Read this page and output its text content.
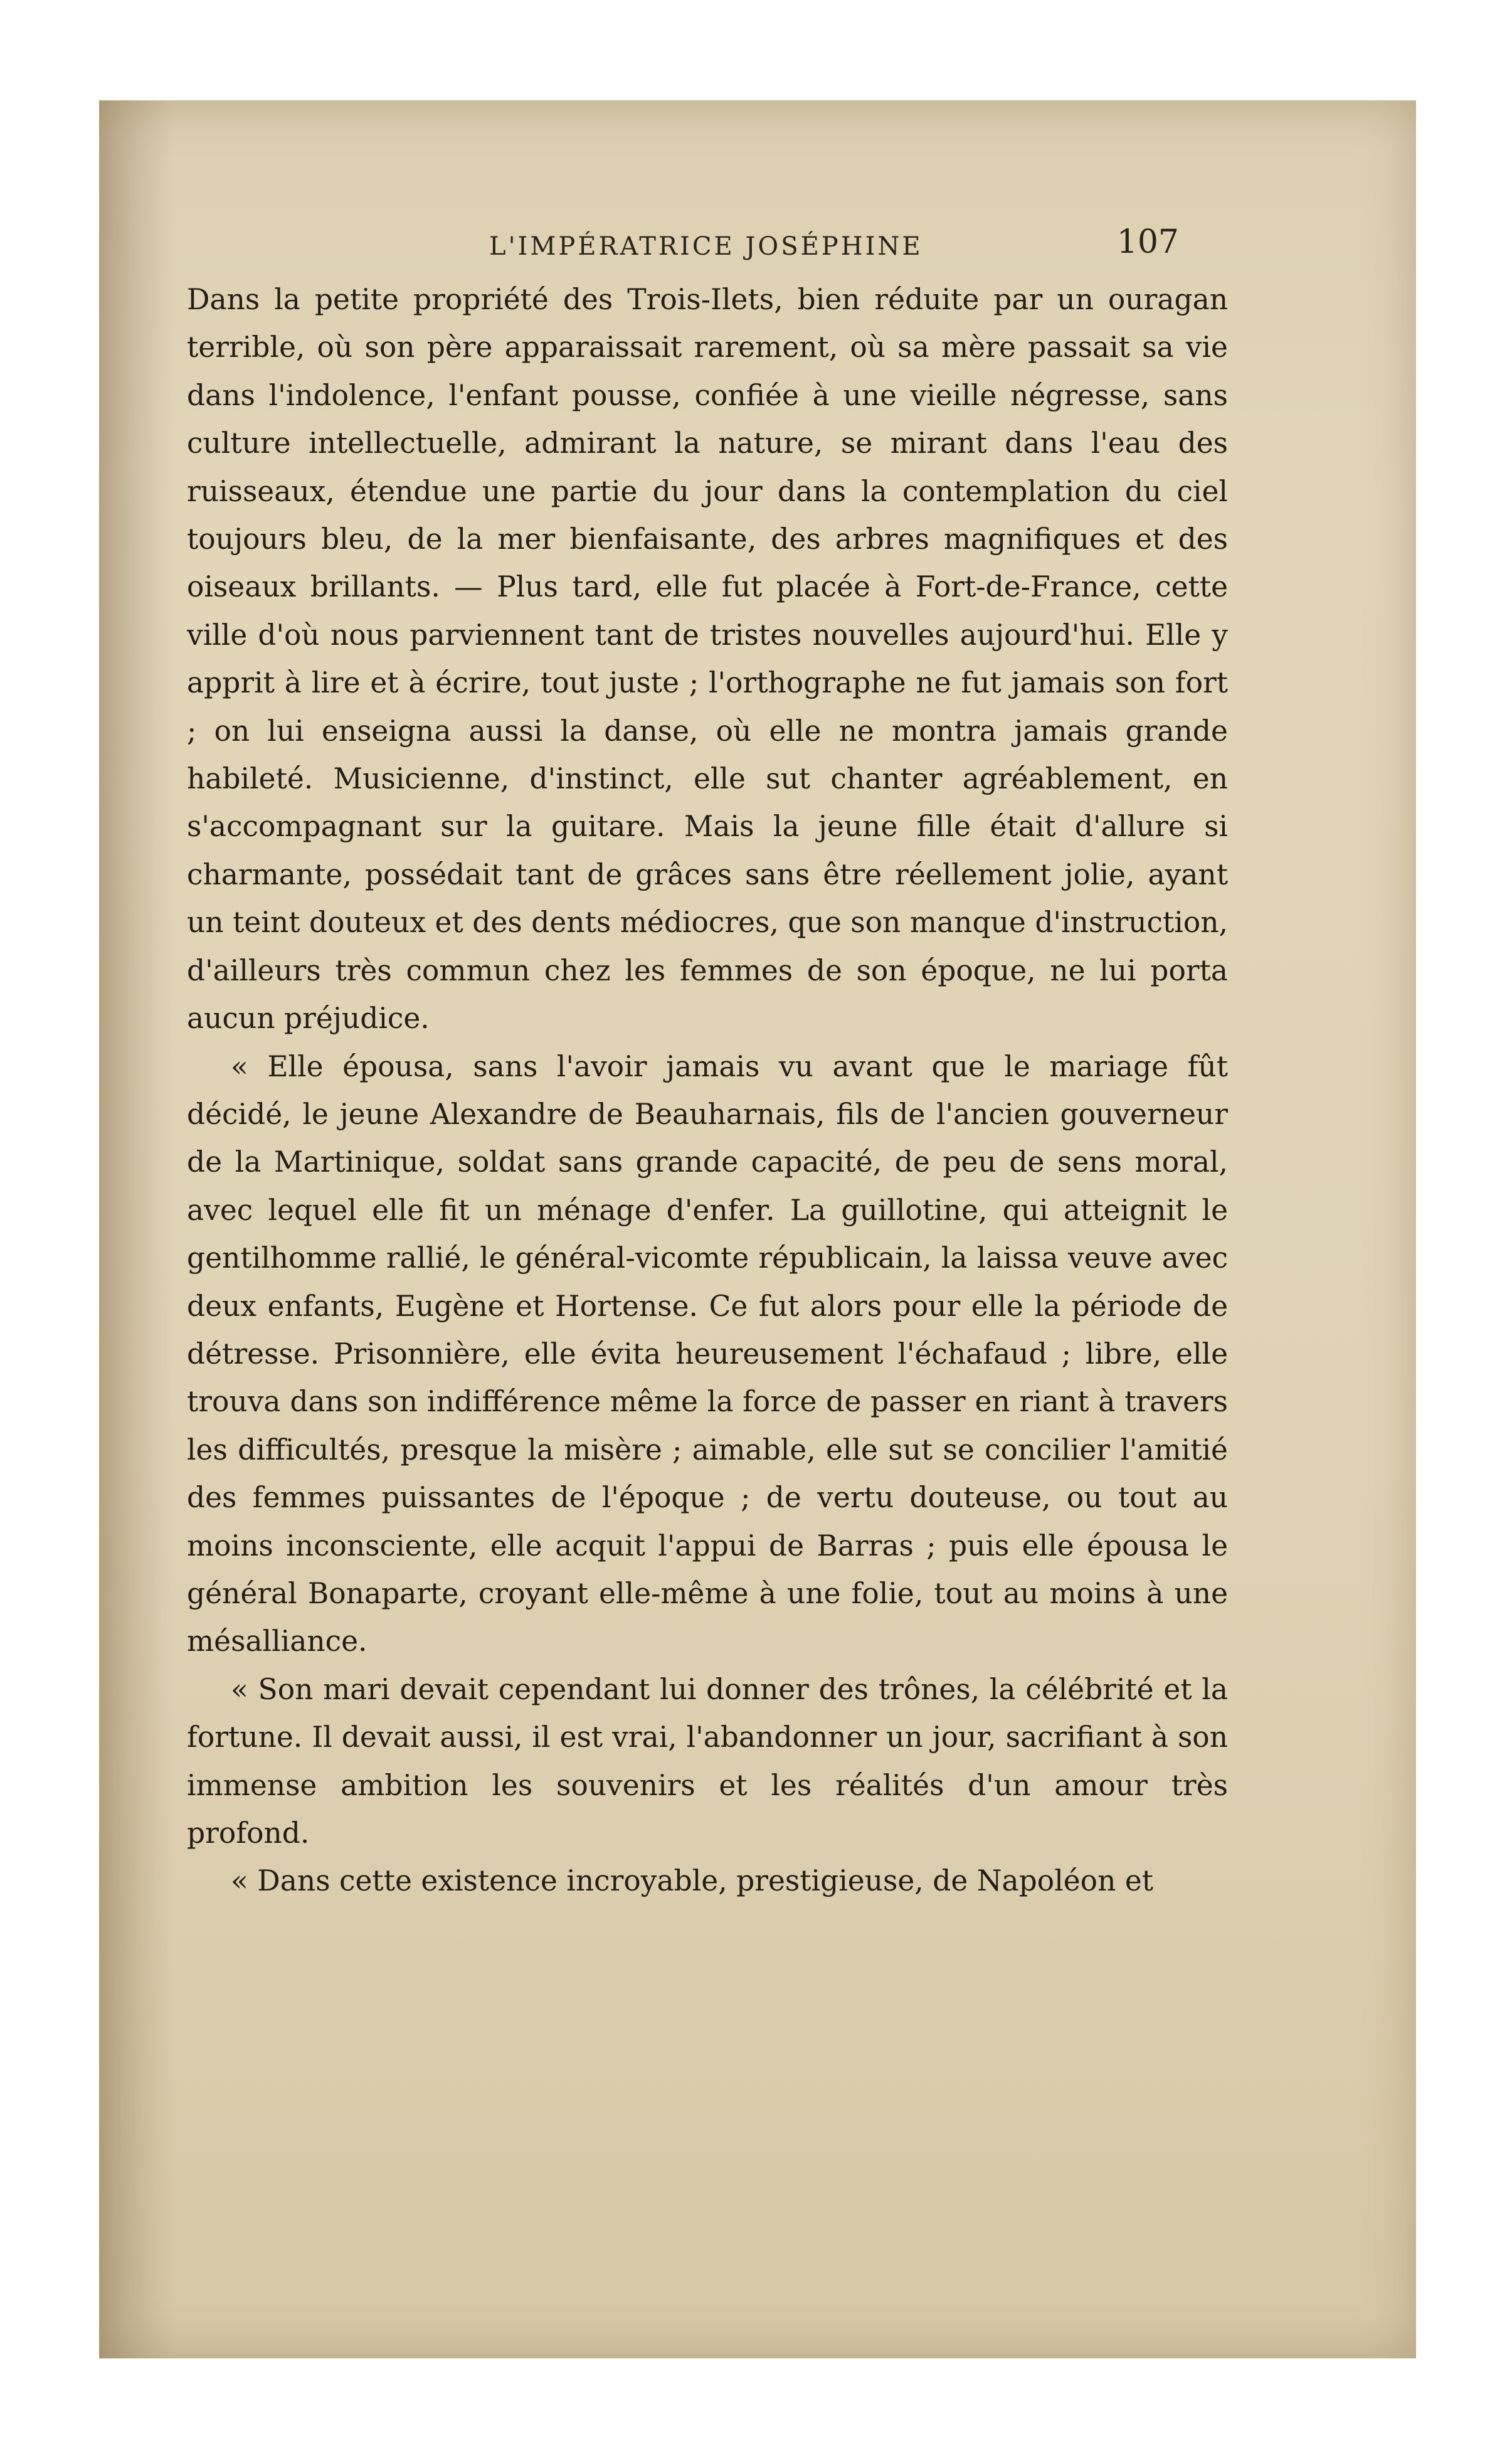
L'IMPÉRATRICE JOSÉPHINE	107

Dans la petite propriété des Trois-Ilets, bien réduite par un ouragan terrible, où son père apparaissait rarement, où sa mère passait sa vie dans l'indolence, l'enfant pousse, confiée à une vieille négresse, sans culture intellectuelle, admirant la nature, se mirant dans l'eau des ruisseaux, étendue une partie du jour dans la contemplation du ciel toujours bleu, de la mer bienfaisante, des arbres magnifiques et des oiseaux brillants. — Plus tard, elle fut placée à Fort-de-France, cette ville d'où nous parviennent tant de tristes nouvelles aujourd'hui. Elle y apprit à lire et à écrire, tout juste ; l'orthographe ne fut jamais son fort ; on lui enseigna aussi la danse, où elle ne montra jamais grande habileté. Musicienne, d'instinct, elle sut chanter agréablement, en s'accompagnant sur la guitare. Mais la jeune fille était d'allure si charmante, possédait tant de grâces sans être réellement jolie, ayant un teint douteux et des dents médiocres, que son manque d'instruction, d'ailleurs très commun chez les femmes de son époque, ne lui porta aucun préjudice.

« Elle épousa, sans l'avoir jamais vu avant que le mariage fût décidé, le jeune Alexandre de Beauharnais, fils de l'ancien gouverneur de la Martinique, soldat sans grande capacité, de peu de sens moral, avec lequel elle fit un ménage d'enfer. La guillotine, qui atteignit le gentilhomme rallié, le général-vicomte républicain, la laissa veuve avec deux enfants, Eugène et Hortense. Ce fut alors pour elle la période de détresse. Prisonnière, elle évita heureusement l'échafaud ; libre, elle trouva dans son indifférence même la force de passer en riant à travers les difficultés, presque la misère ; aimable, elle sut se concilier l'amitié des femmes puissantes de l'époque ; de vertu douteuse, ou tout au moins inconsciente, elle acquit l'appui de Barras ; puis elle épousa le général Bonaparte, croyant elle-même à une folie, tout au moins à une mésalliance.

« Son mari devait cependant lui donner des trônes, la célébrité et la fortune. Il devait aussi, il est vrai, l'abandonner un jour, sacrifiant à son immense ambition les souvenirs et les réalités d'un amour très profond.

« Dans cette existence incroyable, prestigieuse, de Napoléon et
